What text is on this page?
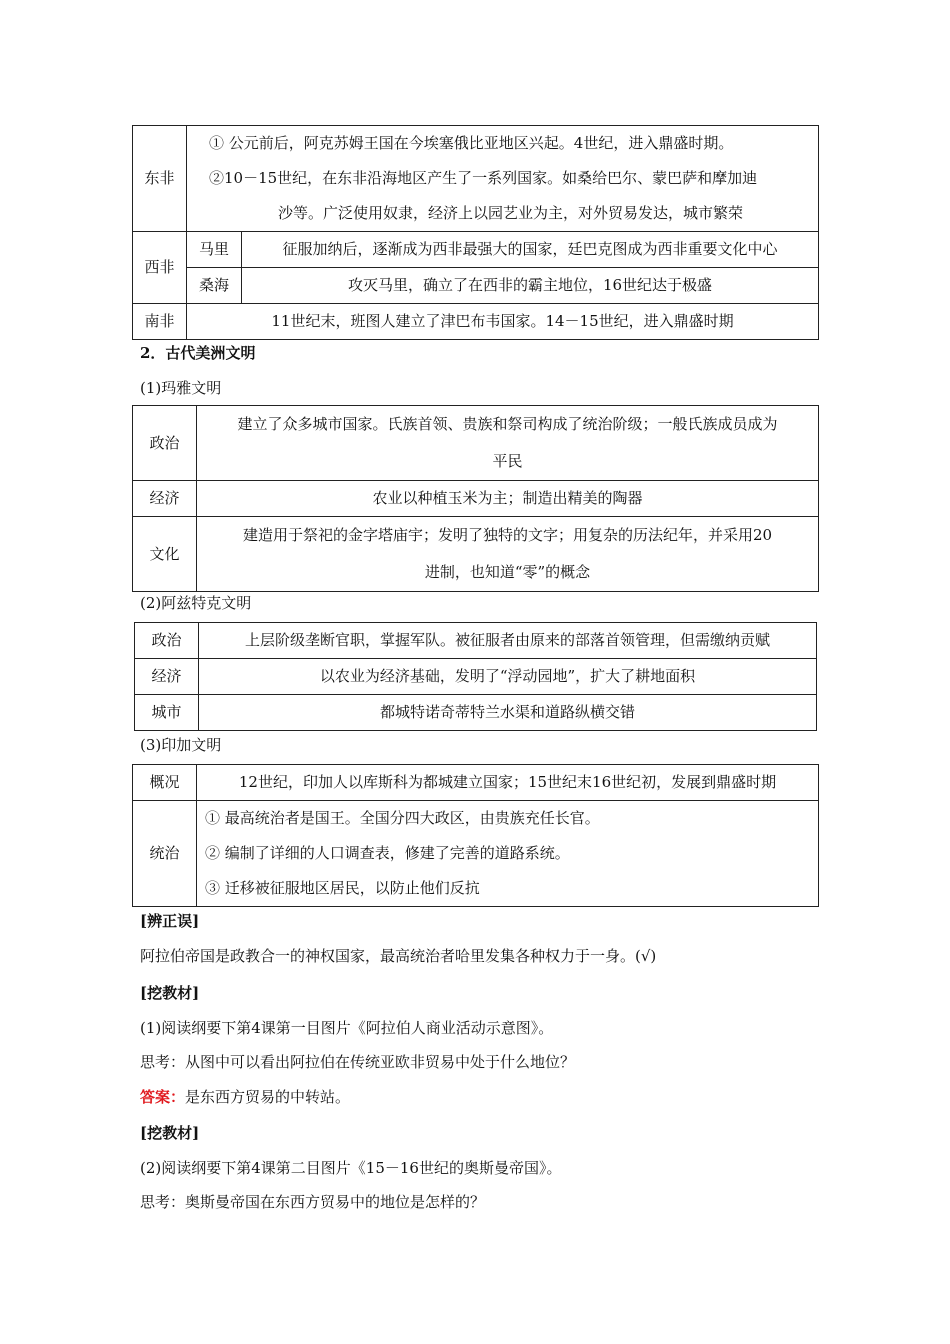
东非	① 公元前后，阿克苏姆王国在今埃塞俄比亚地区兴起。4世纪，进入鼎盛时期。
②10－15世纪，在东非沿海地区产生了一系列国家。如桑给巴尔、蒙巴萨和摩加迪
沙等。广泛使用奴隶，经济上以园艺业为主，对外贸易发达，城市繁荣	

西非	马里	征服加纳后，逐渐成为西非最强大的国家，廷巴克图成为西非重要文化中心
	桑海	攻灭马里，确立了在西非的霸主地位，16世纪达于极盛
南非	11世纪末，班图人建立了津巴布韦国家。14－15世纪，进入鼎盛时期	
2．古代美洲文明
(1)玛雅文明
政治	建立了众多城市国家。氏族首领、贵族和祭司构成了统治阶级；一般氏族成员成为
平民

经济	农业以种植玉米为主；制造出精美的陶器
文化	建造用于祭祀的金字塔庙宇；发明了独特的文字；用复杂的历法纪年，并采用20
进制，也知道“零”的概念
(2)阿兹特克文明
政治	上层阶级垄断官职，掌握军队。被征服者由原来的部落首领管理，但需缴纳贡赋
经济	以农业为经济基础，发明了“浮动园地”，扩大了耕地面积
城市	都城特诺奇蒂特兰水渠和道路纵横交错
(3)印加文明
概况	12世纪，印加人以库斯科为都城建立国家；15世纪末16世纪初，发展到鼎盛时期
统治	① 最高统治者是国王。全国分四大政区，由贵族充任长官。
② 编制了详细的人口调查表，修建了完善的道路系统。
③ 迁移被征服地区居民，以防止他们反抗
[辨正误]
阿拉伯帝国是政教合一的神权国家，最高统治者哈里发集各种权力于一身。(√)
[挖教材]
(1)阅读纲要下第4课第一目图片《阿拉伯人商业活动示意图》。
思考：从图中可以看出阿拉伯在传统亚欧非贸易中处于什么地位？
答案：是东西方贸易的中转站。
[挖教材]
(2)阅读纲要下第4课第二目图片《15－16世纪的奥斯曼帝国》。
思考：奥斯曼帝国在东西方贸易中的地位是怎样的？
